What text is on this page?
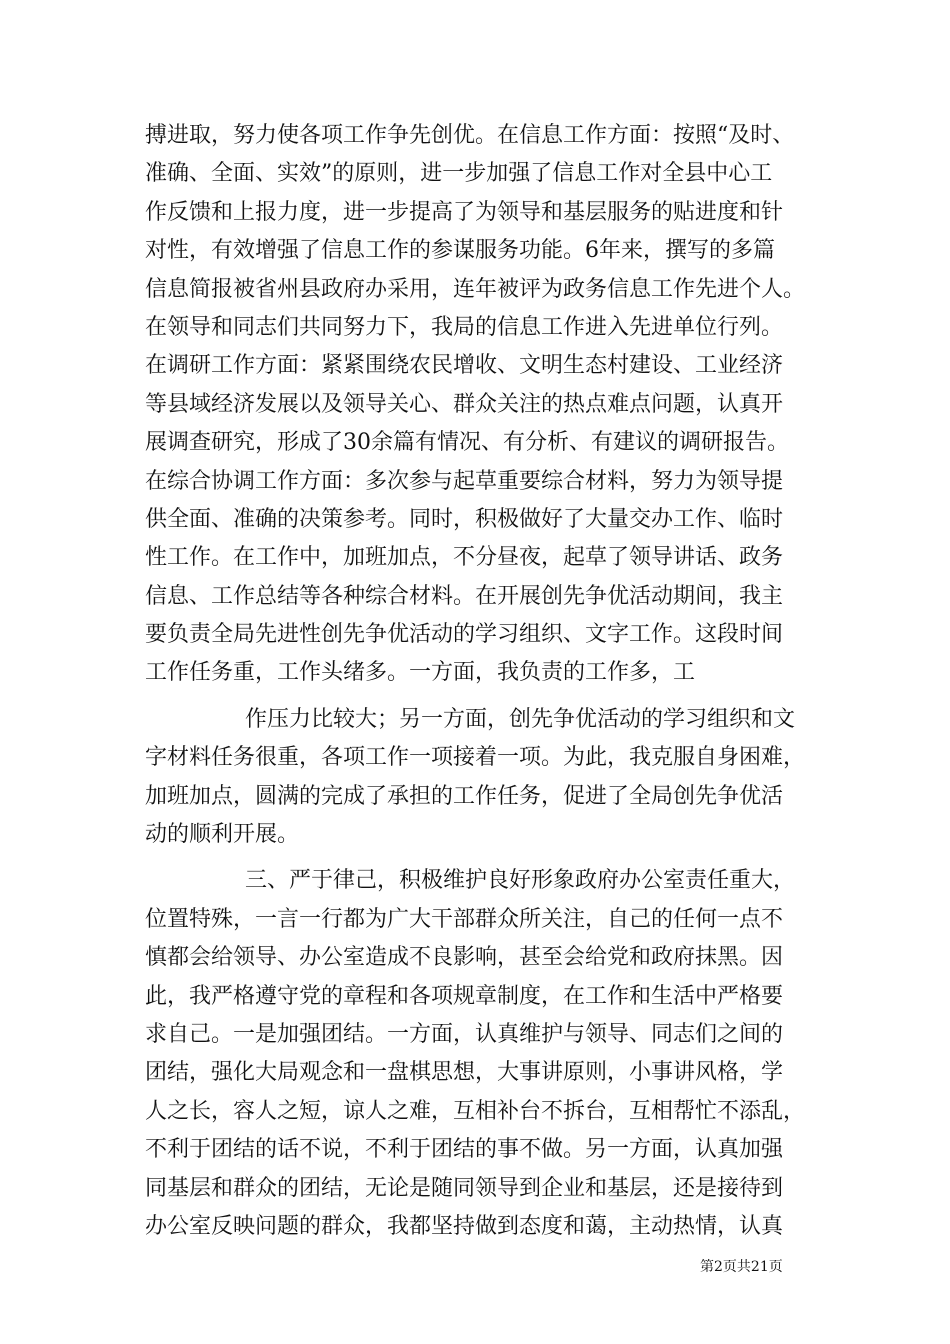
搏进取，努力使各项工作争先创优。在信息工作方面：按照“及时、
准确、全面、实效”的原则，进一步加强了信息工作对全县中心工
作反馈和上报力度，进一步提高了为领导和基层服务的贴进度和针
对性，有效增强了信息工作的参谋服务功能。6年来，撰写的多篇
信息简报被省州县政府办采用，连年被评为政务信息工作先进个人。
在领导和同志们共同努力下，我局的信息工作进入先进单位行列。
在调研工作方面：紧紧围绕农民增收、文明生态村建设、工业经济
等县域经济发展以及领导关心、群众关注的热点难点问题，认真开
展调查研究，形成了30余篇有情况、有分析、有建议的调研报告。
在综合协调工作方面：多次参与起草重要综合材料，努力为领导提
供全面、准确的决策参考。同时，积极做好了大量交办工作、临时
性工作。在工作中，加班加点，不分昼夜，起草了领导讲话、政务
信息、工作总结等各种综合材料。在开展创先争优活动期间，我主
要负责全局先进性创先争优活动的学习组织、文字工作。这段时间
工作任务重，工作头绪多。一方面，我负责的工作多，工
作压力比较大；另一方面，创先争优活动的学习组织和文
字材料任务很重，各项工作一项接着一项。为此，我克服自身困难，
加班加点，圆满的完成了承担的工作任务，促进了全局创先争优活
动的顺利开展。
三、严于律己，积极维护良好形象政府办公室责任重大，
位置特殊，一言一行都为广大干部群众所关注，自己的任何一点不
慎都会给领导、办公室造成不良影响，甚至会给党和政府抹黑。因
此，我严格遵守党的章程和各项规章制度，在工作和生活中严格要
求自己。一是加强团结。一方面，认真维护与领导、同志们之间的
团结，强化大局观念和一盘棋思想，大事讲原则，小事讲风格，学
人之长，容人之短，谅人之难，互相补台不拆台，互相帮忙不添乱，
不利于团结的话不说，不利于团结的事不做。另一方面，认真加强
同基层和群众的团结，无论是随同领导到企业和基层，还是接待到
办公室反映问题的群众，我都坚持做到态度和蔼，主动热情，认真
第2页共21页
